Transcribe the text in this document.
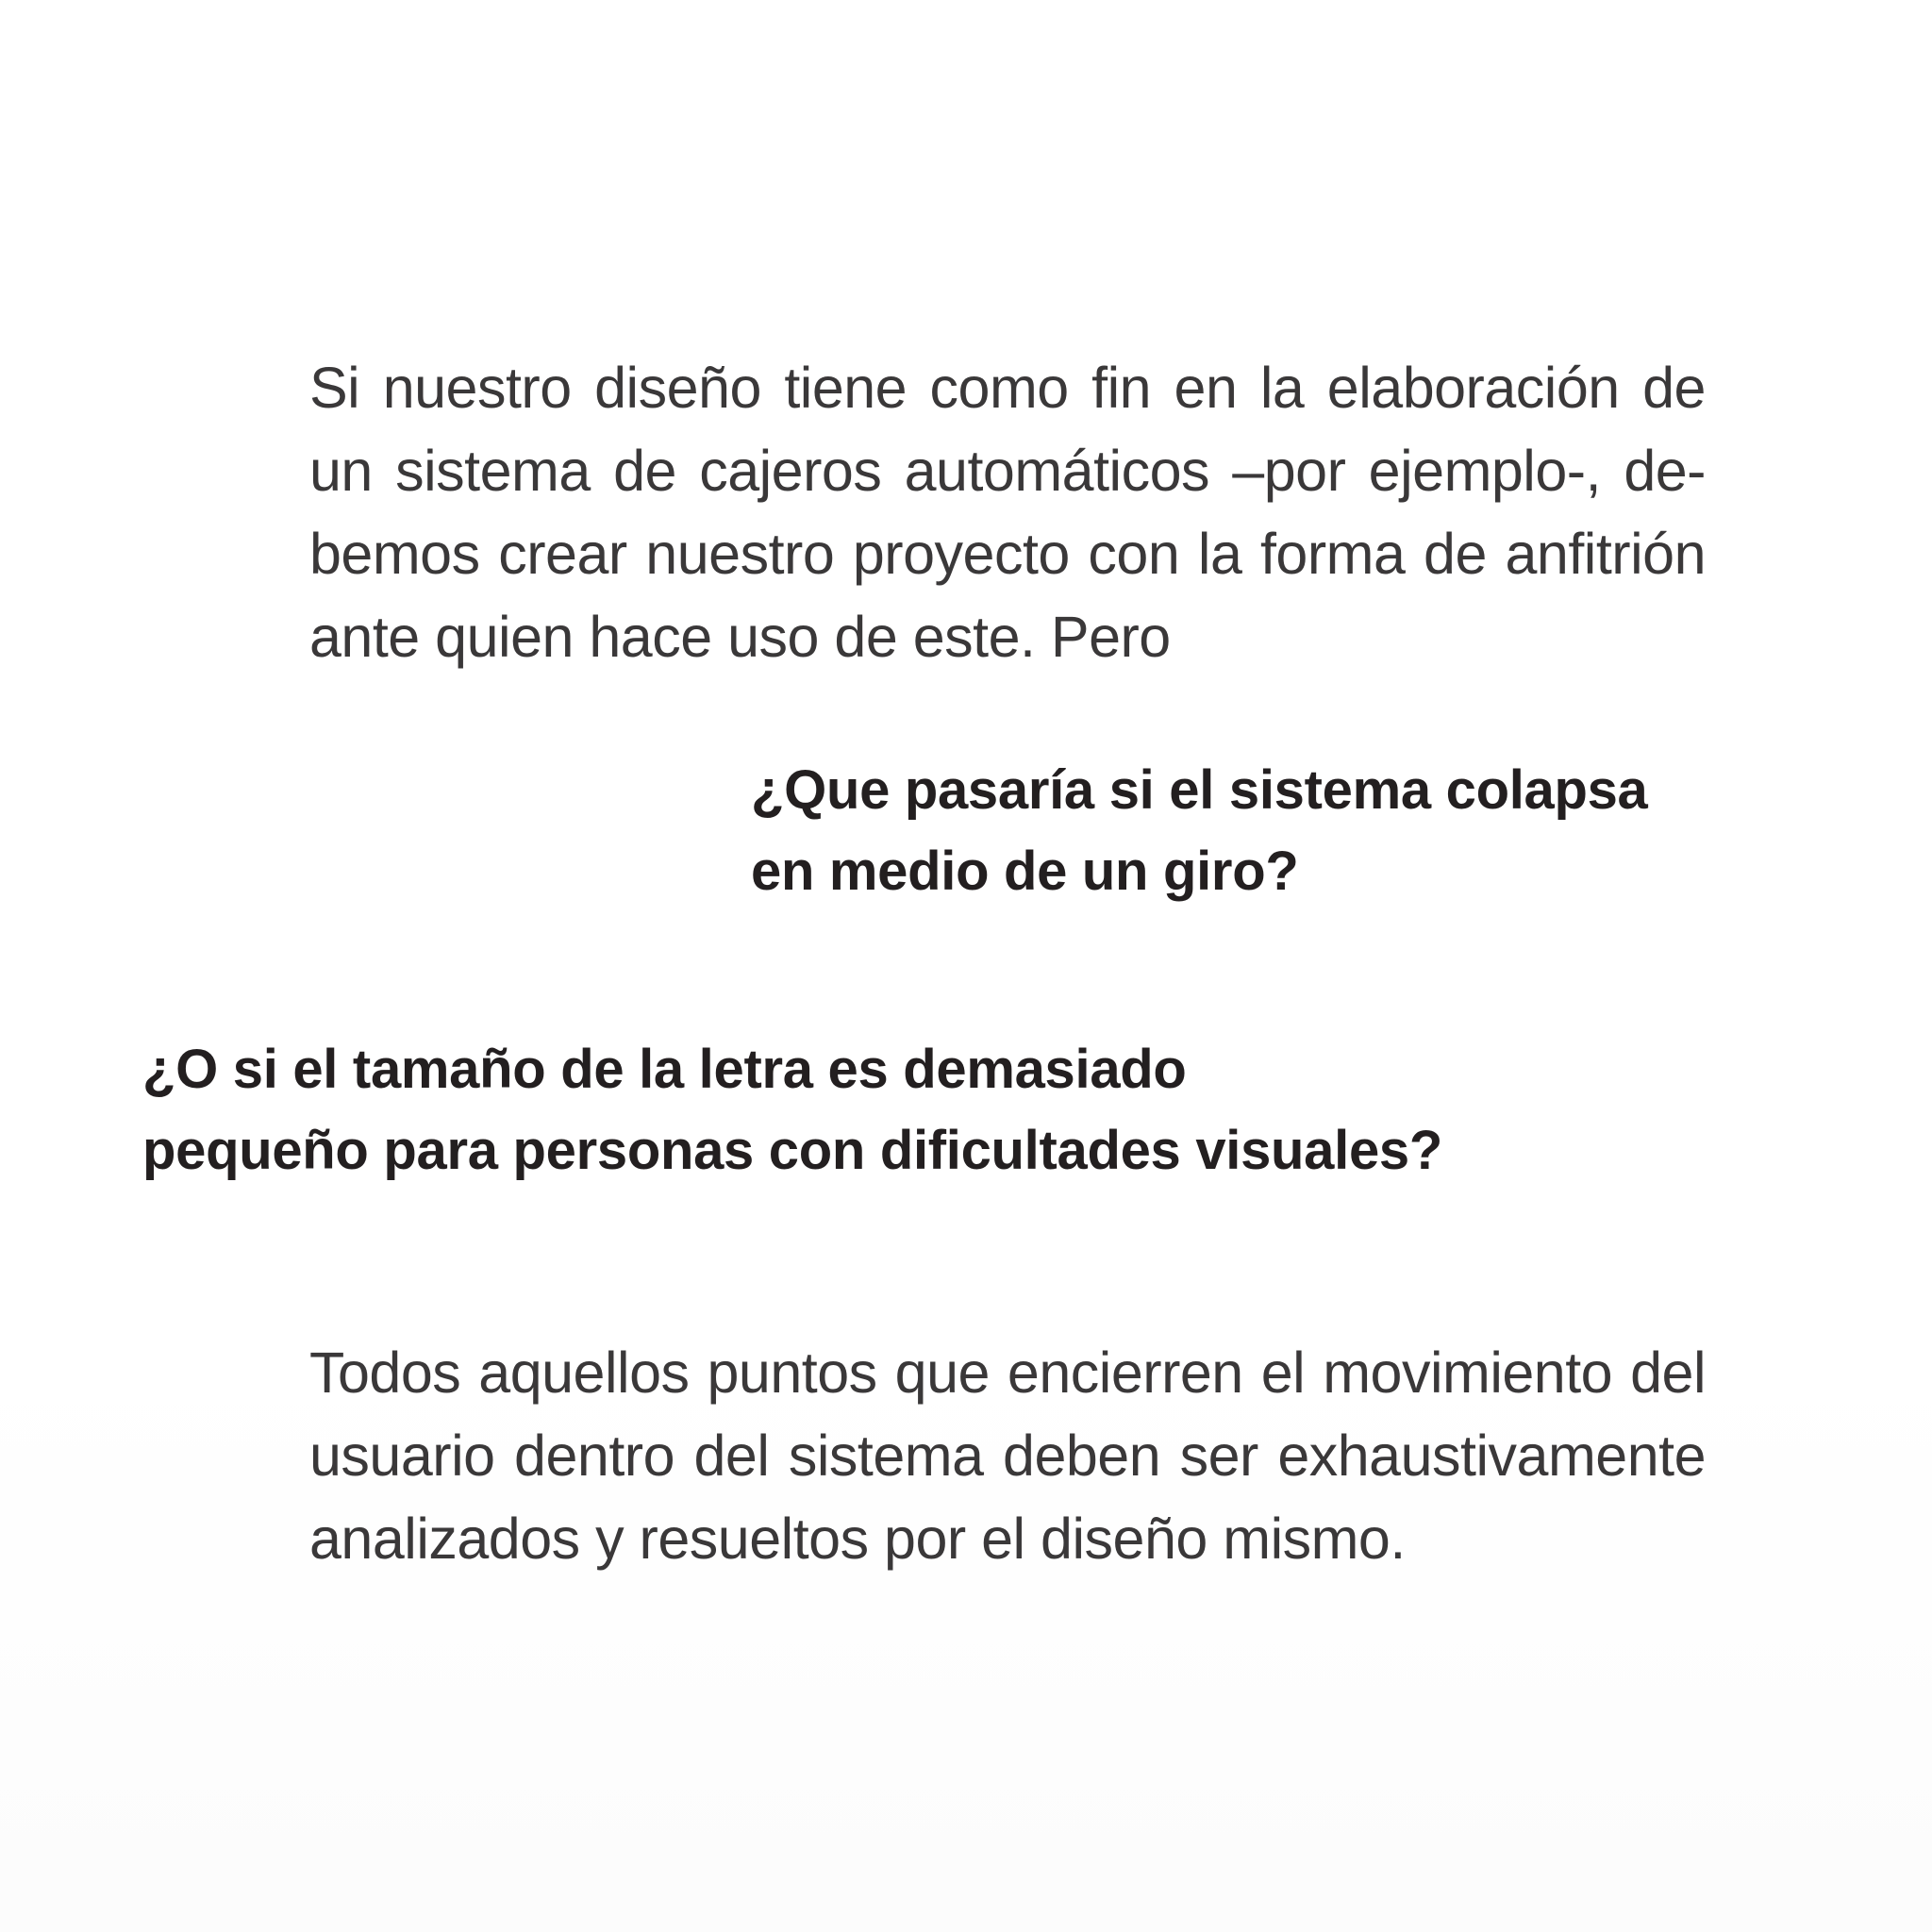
Si nuestro diseño tiene como fin en la elaboración de

un sistema de cajeros automáticos –por ejemplo-, de-

bemos crear nuestro proyecto con la forma de anfitrión

ante quien hace uso de este. Pero

¿Que pasaría si el sistema colapsa

en medio de un giro?

¿O si el tamaño de la letra es demasiado

pequeño para personas con dificultades visuales?

Todos aquellos puntos que encierren el movimiento del

usuario dentro del sistema deben ser exhaustivamente

analizados y resueltos por el diseño mismo.
